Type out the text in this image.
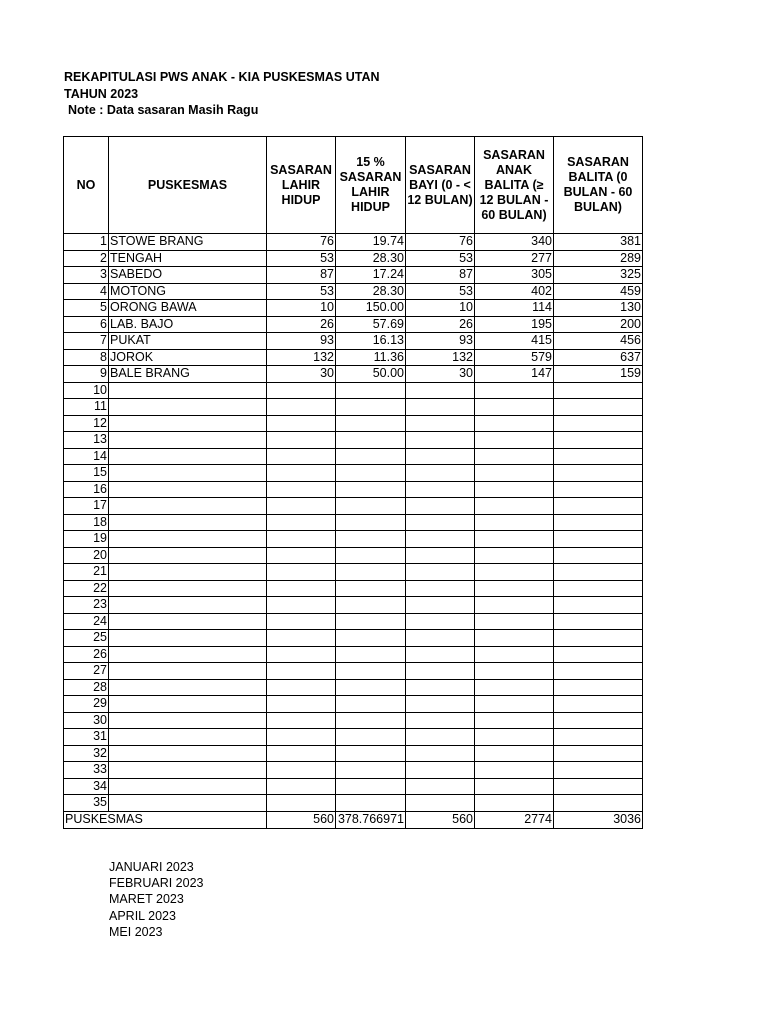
REKAPITULASI PWS ANAK - KIA PUSKESMAS UTAN
TAHUN 2023
Note : Data sasaran Masih Ragu
NO	PUSKESMAS	SASARAN LAHIR HIDUP	15 % SASARAN LAHIR HIDUP	SASARAN BAYI (0 - < 12 BULAN)	SASARAN ANAK BALITA (≥ 12 BULAN - 60 BULAN)	SASARAN BALITA (0 BULAN - 60 BULAN)
1	STOWE BRANG	76	19.74	76	340	381
2	TENGAH	53	28.30	53	277	289
3	SABEDO	87	17.24	87	305	325
4	MOTONG	53	28.30	53	402	459
5	ORONG BAWA	10	150.00	10	114	130
6	LAB. BAJO	26	57.69	26	195	200
7	PUKAT	93	16.13	93	415	456
8	JOROK	132	11.36	132	579	637
9	BALE BRANG	30	50.00	30	147	159
10						
11						
12						
13						
14						
15						
16						
17						
18						
19						
20						
21						
22						
23						
24						
25						
26						
27						
28						
29						
30						
31						
32						
33						
34						
35						
PUSKESMAS		560	378.766971	560	2774	3036
JANUARI 2023
FEBRUARI 2023
MARET 2023
APRIL 2023
MEI 2023
